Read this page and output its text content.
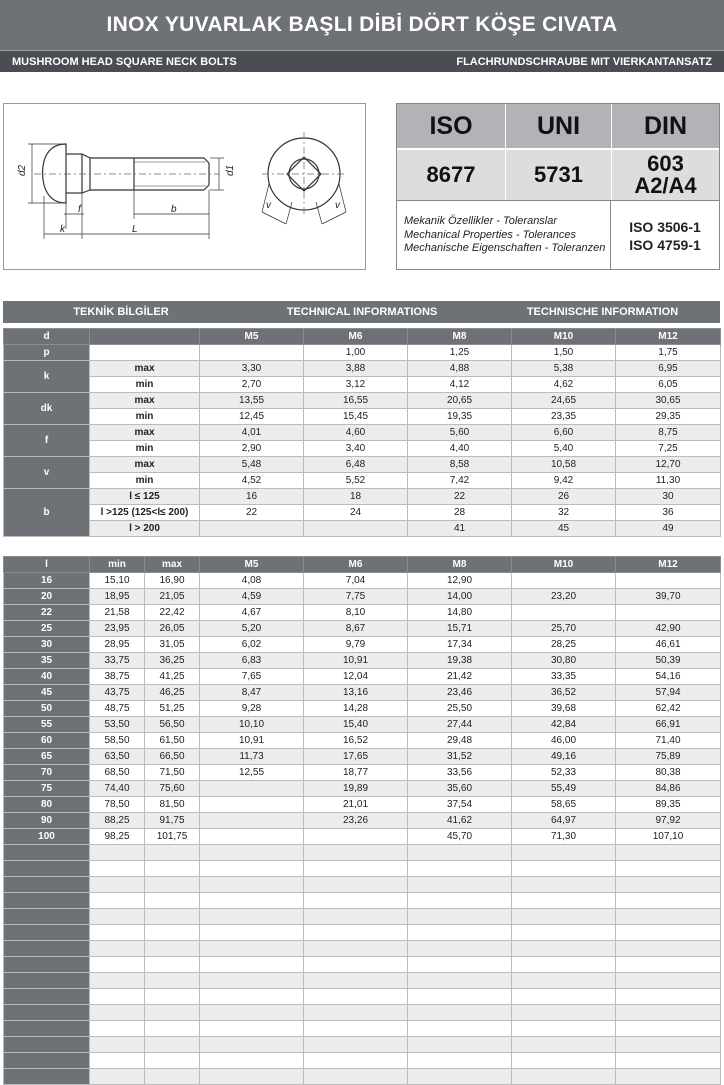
INOX YUVARLAK BAŞLI DİBİ DÖRT KÖŞE CIVATA
MUSHROOM HEAD SQUARE NECK BOLTS	FLACHRUNDSCHRAUBE MIT VIERKANTANSATZ
d2	d1
f	b
k	L
v	v
ISO	UNI	DIN
8677	5731	603
A2/A4
Mekanik Özellikler - Toleranslar
Mechanical Properties - Tolerances
Mechanische Eigenschaften - Toleranzen
ISO 3506-1
ISO 4759-1
TEKNİK BİLGİLER	TECHNICAL INFORMATIONS	TECHNISCHE INFORMATION
d		M5	M6	M8	M10	M12
p			1,00	1,25	1,50	1,75
k	max	3,30	3,88	4,88	5,38	6,95
	min	2,70	3,12	4,12	4,62	6,05
dk	max	13,55	16,55	20,65	24,65	30,65
	min	12,45	15,45	19,35	23,35	29,35
f	max	4,01	4,60	5,60	6,60	8,75
	min	2,90	3,40	4,40	5,40	7,25
v	max	5,48	6,48	8,58	10,58	12,70
	min	4,52	5,52	7,42	9,42	11,30
b	l ≤ 125	16	18	22	26	30
	l >125 (125<l≤ 200)	22	24	28	32	36
	l > 200			41	45	49
l	min	max	M5	M6	M8	M10	M12
16	15,10	16,90	4,08	7,04	12,90		
20	18,95	21,05	4,59	7,75	14,00	23,20	39,70
22	21,58	22,42	4,67	8,10	14,80		
25	23,95	26,05	5,20	8,67	15,71	25,70	42,90
30	28,95	31,05	6,02	9,79	17,34	28,25	46,61
35	33,75	36,25	6,83	10,91	19,38	30,80	50,39
40	38,75	41,25	7,65	12,04	21,42	33,35	54,16
45	43,75	46,25	8,47	13,16	23,46	36,52	57,94
50	48,75	51,25	9,28	14,28	25,50	39,68	62,42
55	53,50	56,50	10,10	15,40	27,44	42,84	66,91
60	58,50	61,50	10,91	16,52	29,48	46,00	71,40
65	63,50	66,50	11,73	17,65	31,52	49,16	75,89
70	68,50	71,50	12,55	18,77	33,56	52,33	80,38
75	74,40	75,60		19,89	35,60	55,49	84,86
80	78,50	81,50		21,01	37,54	58,65	89,35
90	88,25	91,75		23,26	41,62	64,97	97,92
100	98,25	101,75			45,70	71,30	107,10
